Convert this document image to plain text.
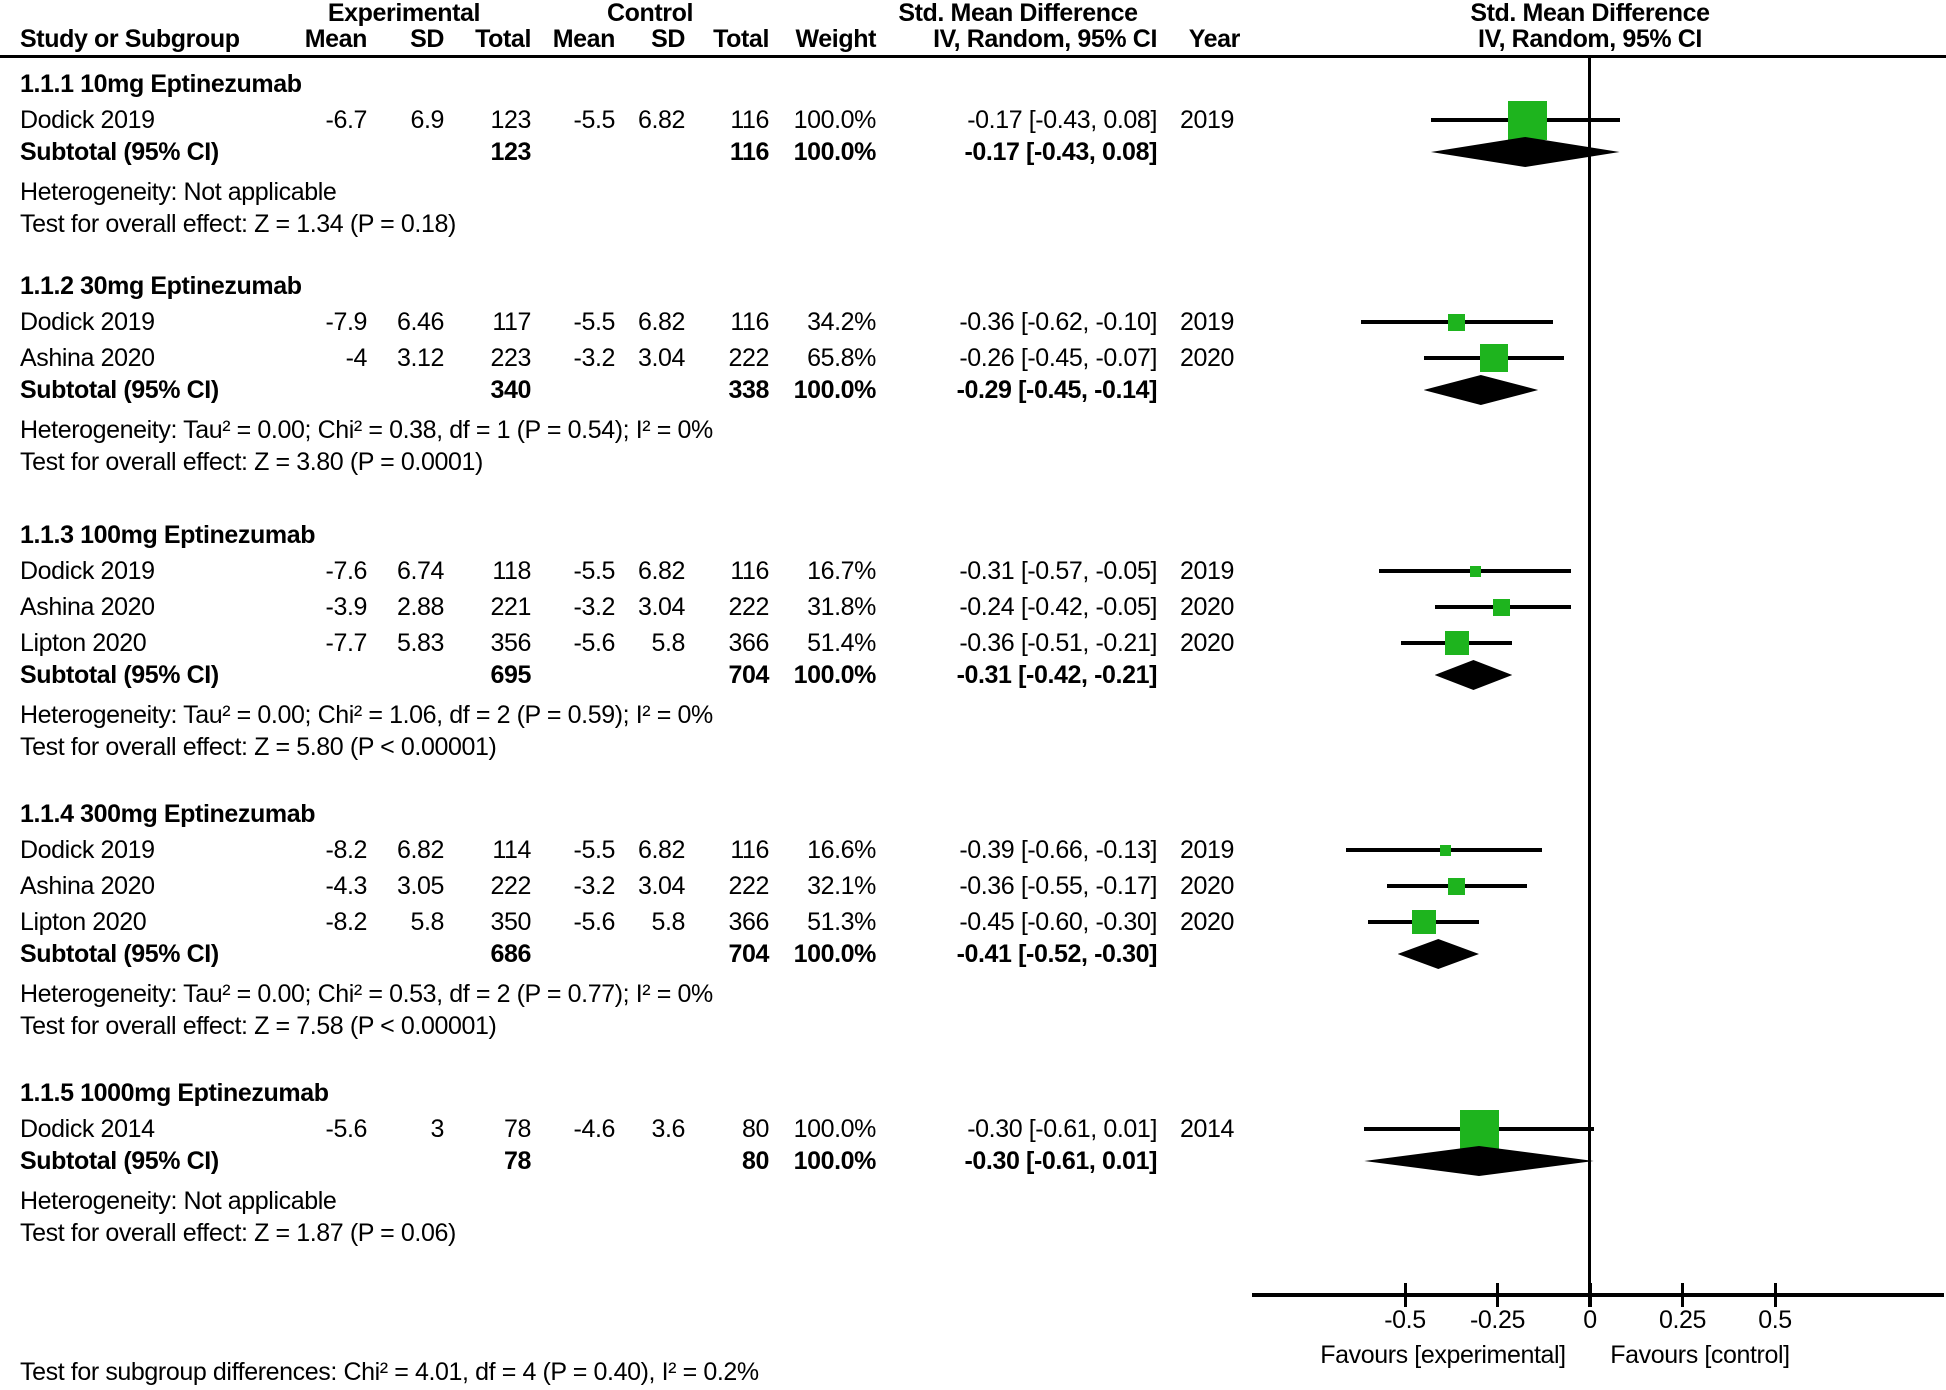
Experimental	Control	Std. Mean Difference	Std. Mean Difference
Study or Subgroup	Mean SD Total Mean SD Total Weight IV, Random, 95% CI Year	IV, Random, 95% CI
Favours [experimental] Favours [control]
Test for subgroup differences: Chi² = 4.01, df = 4 (P = 0.40), I² = 0.2%
1.1.1 10mg Eptinezumab
Dodick 2019	-6.7 6.9 123 -5.5 6.82 116 100.0%	-0.17 [-0.43, 0.08] 2019
Subtotal (95% CI)	123	116 100.0%	-0.17 [-0.43, 0.08]
Heterogeneity: Not applicable
Test for overall effect: Z = 1.34 (P = 0.18)
1.1.2 30mg Eptinezumab
Dodick 2019	-7.9 6.46 117 -5.5 6.82 116 34.2%	-0.36 [-0.62, -0.10] 2019
Ashina 2020	-4 3.12 223 -3.2 3.04 222 65.8%	-0.26 [-0.45, -0.07] 2020
Subtotal (95% CI)	340	338 100.0%	-0.29 [-0.45, -0.14]
Heterogeneity: Tau² = 0.00; Chi² = 0.38, df = 1 (P = 0.54); I² = 0%
Test for overall effect: Z = 3.80 (P = 0.0001)
1.1.3 100mg Eptinezumab
Dodick 2019	-7.6 6.74 118 -5.5 6.82 116 16.7%	-0.31 [-0.57, -0.05] 2019
Ashina 2020	-3.9 2.88 221 -3.2 3.04 222 31.8%	-0.24 [-0.42, -0.05] 2020
Lipton 2020	-7.7 5.83 356 -5.6 5.8 366 51.4%	-0.36 [-0.51, -0.21] 2020
Subtotal (95% CI)	695	704 100.0%	-0.31 [-0.42, -0.21]
Heterogeneity: Tau² = 0.00; Chi² = 1.06, df = 2 (P = 0.59); I² = 0%
Test for overall effect: Z = 5.80 (P < 0.00001)
1.1.4 300mg Eptinezumab
Dodick 2019	-8.2 6.82 114 -5.5 6.82 116 16.6%	-0.39 [-0.66, -0.13] 2019
Ashina 2020	-4.3 3.05 222 -3.2 3.04 222 32.1%	-0.36 [-0.55, -0.17] 2020
Lipton 2020	-8.2 5.8 350 -5.6 5.8 366 51.3%	-0.45 [-0.60, -0.30] 2020
Subtotal (95% CI)	686	704 100.0%	-0.41 [-0.52, -0.30]
Heterogeneity: Tau² = 0.00; Chi² = 0.53, df = 2 (P = 0.77); I² = 0%
Test for overall effect: Z = 7.58 (P < 0.00001)
1.1.5 1000mg Eptinezumab
Dodick 2014	-5.6	3 78 -4.6 3.6 80 100.0%	-0.30 [-0.61, 0.01] 2014
Subtotal (95% CI)	78	80 100.0%	-0.30 [-0.61, 0.01]
Heterogeneity: Not applicable
Test for overall effect: Z = 1.87 (P = 0.06)
-0.5 -0.25 0 0.25 0.5
